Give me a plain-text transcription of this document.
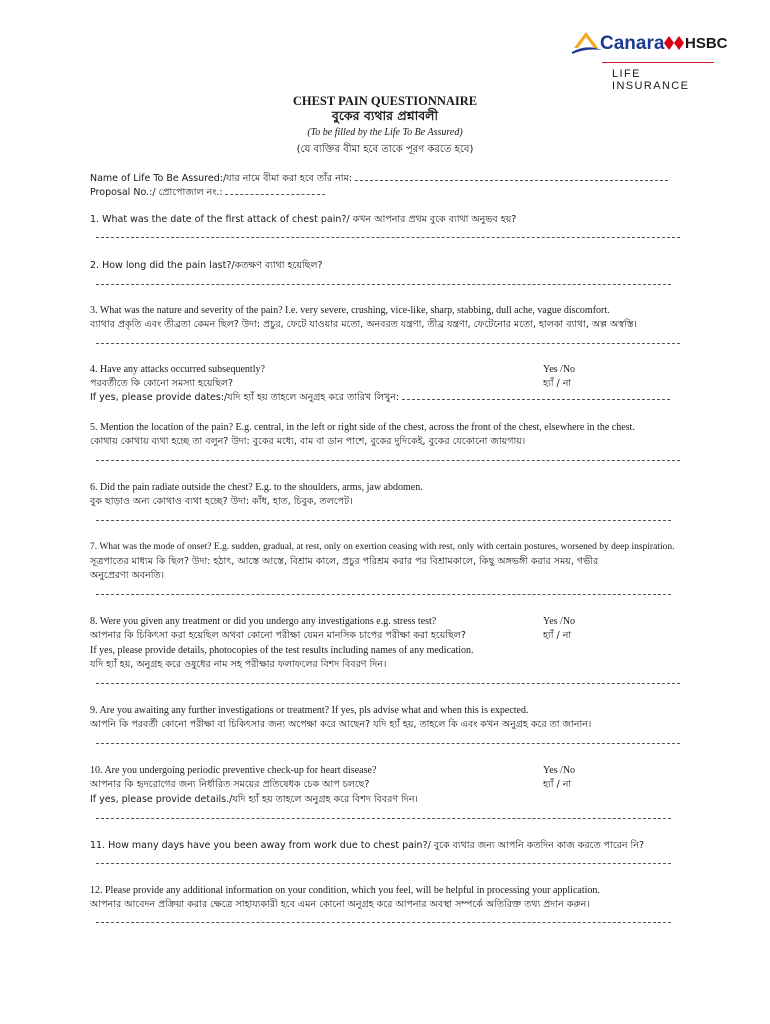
Canara HSBC
LIFE INSURANCE
CHEST PAIN QUESTIONNAIRE
বুকের ব্যথার প্রশ্নাবলী
(To be filled by the Life To Be Assured)
(যে ব্যক্তির বীমা হবে তাকে পূরণ করতে হবে)
Name of Life To Be Assured:/যার নামে বীমা করা হবে তাঁর নাম:
Proposal No.:/ প্রোপোজাল নং.:
1. What was the date of the first attack of chest pain?/ কখন আপনার প্রথম বুকে ব্যাথা অনুভব হয়?
2. How long did the pain last?/কতক্ষণ ব্যাথা হয়েছিল?
3. What was the nature and severity of the pain? I.e. very severe, crushing, vice-like, sharp, stabbing, dull ache, vague discomfort.
ব্যাথার প্রকৃতি এবং তীব্রতা কেমন ছিল? উদা: প্রচুর, ফেটে যাওয়ার মতো, অনবরত যন্ত্রণা, তীব্র যন্ত্রণা, ফেটেনোর মতো, হালকা ব্যাথা, অল্প অস্বস্তি।
4. Have any attacks occurred subsequently?	Yes /No
পরবর্তীতে কি কোনো সমস্যা হয়েছিল?	হ্যাঁ / না
If yes, please provide dates:/যদি হ্যাঁ হয় তাহলে অনুগ্রহ করে তারিখ লিখুন:
5. Mention the location of the pain? E.g. central, in the left or right side of the chest, across the front of the chest, elsewhere in the chest.
কোথায় কোথায় ব্যথা হচ্ছে তা বলুন? উদা: বুকের মধ্যে, বাম বা ডান পাশে, বুকের দুদিকেই, বুকের যেকোনো জায়গায়।
6. Did the pain radiate outside the chest? E.g. to the shoulders, arms, jaw abdomen.
বুক ছাড়াও অন্য কোথাও ব্যথা হচ্ছে? উদা: কাঁধ, হাত, চিবুক, তলপেট।
7. What was the mode of onset? E.g. sudden, gradual, at rest, only on exertion ceasing with rest, only with certain postures, worsened by deep inspiration.
সূত্রপাতের মাধ্যম কি ছিল? উদা: হঠাৎ, আস্তে আস্তে, বিশ্রাম কালে, প্রচুর পরিশ্রম করার পর বিশ্রামকালে, কিছু অঙ্গভঙ্গী করার সময়, গভীর
অনুপ্রেরণা অবনতি।
8. Were you given any treatment or did you undergo any investigations e.g. stress test?	Yes /No
আপনার কি চিকিৎসা করা হয়েছিল অথবা কোনো পরীক্ষা যেমন মানসিক চাপের পরীক্ষা করা হয়েছিল?	হ্যাঁ / না
If yes, please provide details, photocopies of the test results including names of any medication.
যদি হ্যাঁ হয়, অনুগ্রহ করে ওষুধের নাম সহ পরীক্ষার ফলাফলের বিশদ বিবরণ দিন।
9. Are you awaiting any further investigations or treatment? If yes, pls advise what and when this is expected.
আপনি কি পরবর্তী কোনো পরীক্ষা বা চিকিৎসার জন্য অপেক্ষা করে আছেন? যদি হ্যাঁ হয়, তাহলে কি এবং কখন অনুগ্রহ করে তা জানান।
10. Are you undergoing periodic preventive check-up for heart disease?	Yes /No
আপনার কি হৃদরোগের জন্য নির্ধারিত সময়ের প্রতিষেধক চেক আপ চলছে?	হ্যাঁ / না
If yes, please provide details./যদি হ্যাঁ হয় তাহলে অনুগ্রহ করে বিশদ বিবরণ দিন।
11. How many days have you been away from work due to chest pain?/ বুকে ব্যথার জন্য আপনি কতদিন কাজ করতে পারেন নি?
12. Please provide any additional information on your condition, which you feel, will be helpful in processing your application.
আপনার আবেদন প্রক্রিয়া করার ক্ষেত্রে সাহায্যকারী হবে এমন কোনো অনুগ্রহ করে আপনার অবস্থা সম্পর্কে অতিরিক্ত তথ্য প্রদান করুন।
